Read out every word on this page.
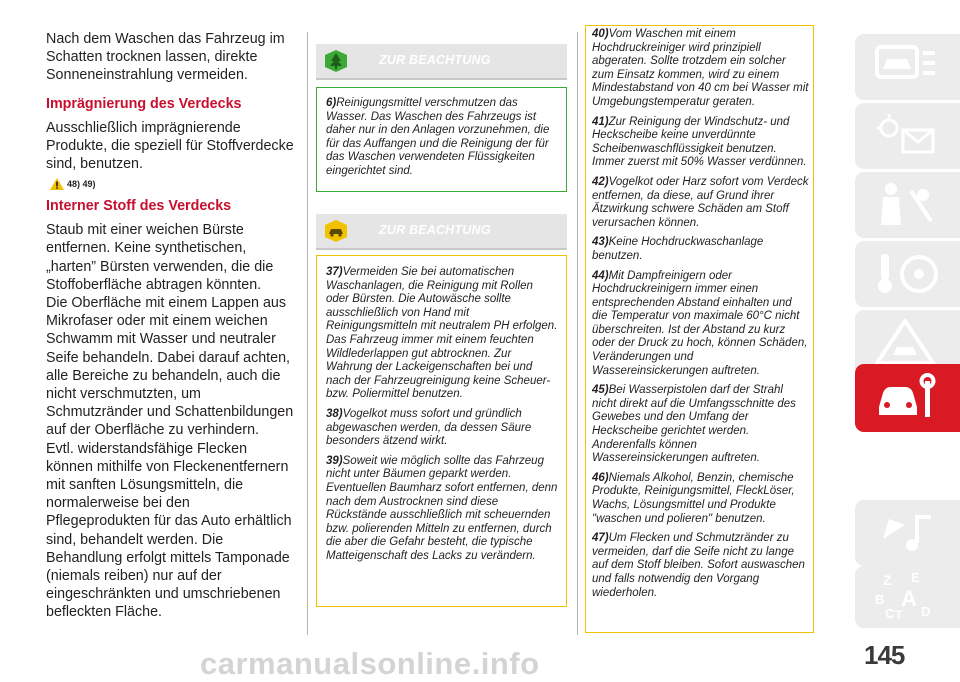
Nach dem Waschen das Fahrzeug im Schatten trocknen lassen, direkte Sonneneinstrahlung vermeiden.

Imprägnierung des Verdecks

Ausschließlich imprägnierende Produkte, die speziell für Stoffverdecke sind, benutzen.

48) 49)
Interner Stoff des Verdecks

Staub mit einer weichen Bürste entfernen. Keine synthetischen, „harten” Bürsten verwenden, die die Stoffoberfläche abtragen könnten.

Die Oberfläche mit einem Lappen aus Mikrofaser oder mit einem weichen Schwamm mit Wasser und neutraler Seife behandeln. Dabei darauf achten, alle Bereiche zu behandeln, auch die nicht verschmutzten, um Schmutzränder und Schattenbildungen auf der Oberfläche zu verhindern.

Evtl. widerstandsfähige Flecken können mithilfe von Fleckenentfernern mit sanften Lösungsmitteln, die normalerweise bei den Pflegeprodukten für das Auto erhältlich sind, behandelt werden. Die Behandlung erfolgt mittels Tamponade (niemals reiben) nur auf der eingeschränkten und umschriebenen befleckten Fläche.

ZUR BEACHTUNG

6)Reinigungsmittel verschmutzen das Wasser. Das Waschen des Fahrzeugs ist daher nur in den Anlagen vorzunehmen, die für das Auffangen und die Reinigung der für das Waschen verwendeten Flüssigkeiten eingerichtet sind.

ZUR BEACHTUNG

37)Vermeiden Sie bei automatischen Waschanlagen, die Reinigung mit Rollen oder Bürsten. Die Autowäsche sollte ausschließlich von Hand mit Reinigungsmitteln mit neutralem PH erfolgen. Das Fahrzeug immer mit einem feuchten Wildlederlappen gut abtrocknen. Zur Wahrung der Lackeigenschaften bei und nach der Fahrzeugreinigung keine Scheuer- bzw. Poliermittel benutzen.

38)Vogelkot muss sofort und gründlich abgewaschen werden, da dessen Säure besonders ätzend wirkt.

39)Soweit wie möglich sollte das Fahrzeug nicht unter Bäumen geparkt werden. Eventuellen Baumharz sofort entfernen, denn nach dem Austrocknen sind diese Rückstände ausschließlich mit scheuernden bzw. polierenden Mitteln zu entfernen, durch die aber die Gefahr besteht, die typische Matteigenschaft des Lacks zu verändern.

40)Vom Waschen mit einem Hochdruckreiniger wird prinzipiell abgeraten. Sollte trotzdem ein solcher zum Einsatz kommen, wird zu einem Mindestabstand von 40 cm bei Wasser mit Umgebungstemperatur geraten.

41)Zur Reinigung der Windschutz- und Heckscheibe keine unverdünnte Scheibenwaschflüssigkeit benutzen. Immer zuerst mit 50% Wasser verdünnen.

42)Vogelkot oder Harz sofort vom Verdeck entfernen, da diese, auf Grund ihrer Ätzwirkung schwere Schäden am Stoff verursachen können.

43)Keine Hochdruckwaschanlage benutzen.

44)Mit Dampfreinigern oder Hochdruckreinigern immer einen entsprechenden Abstand einhalten und die Temperatur von maximale 60°C nicht überschreiten. Ist der Abstand zu kurz oder der Druck zu hoch, können Schäden, Veränderungen und Wassereinsickerungen auftreten.

45)Bei Wasserpistolen darf der Strahl nicht direkt auf die Umfangsschnitte des Gewebes und den Umfang der Heckscheibe gerichtet werden. Anderenfalls können Wassereinsickerungen auftreten.

46)Niemals Alkohol, Benzin, chemische Produkte, Reinigungsmittel, FleckLöser, Wachs, Lösungsmittel und Produkte "waschen und polieren" benutzen.

47)Um Flecken und Schmutzränder zu vermeiden, darf die Seife nicht zu lange auf dem Stoff bleiben. Sofort auswaschen und falls notwendig den Vorgang wiederholen.

Z E
B A
C T D
145
carmanualsonline.info
